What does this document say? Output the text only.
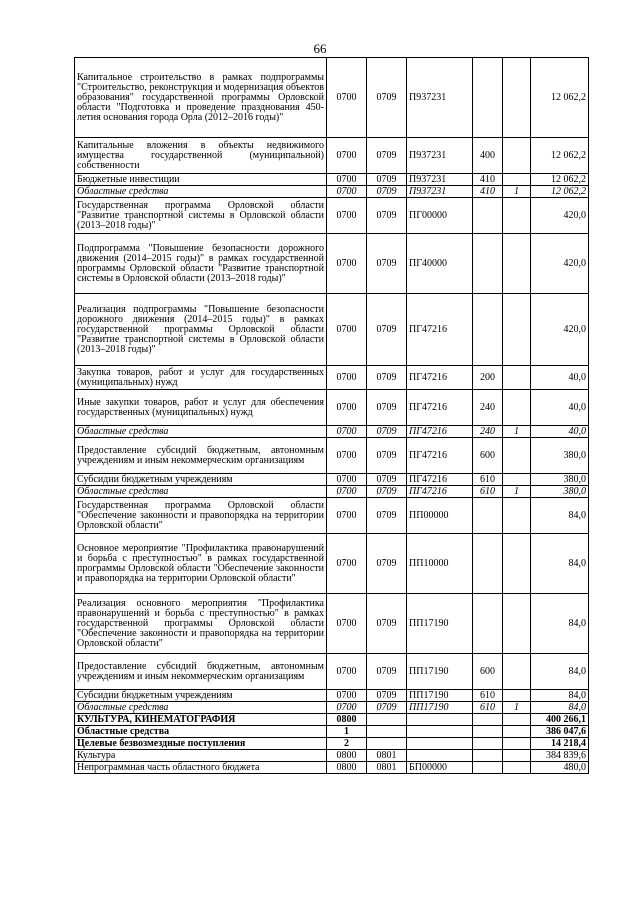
66
Капитальное строительство в рамках подпрограммы "Строительство, реконструкция и модернизация объектов образования" государственной программы Орловской области "Подготовка и проведение празднования 450-летия основания города Орла (2012–2016 годы)"	0700	0709	П937231			12 062,2
Капитальные вложения в объекты недвижимого имущества государственной (муниципальной) собственности	0700	0709	П937231	400		12 062,2
Бюджетные инвестиции	0700	0709	П937231	410		12 062,2
Областные средства	0700	0709	П937231	410	1	12 062,2
Государственная программа Орловской области "Развитие транспортной системы в Орловской области (2013–2018 годы)"	0700	0709	ПГ00000			420,0
Подпрограмма "Повышение безопасности дорожного движения (2014–2015 годы)" в рамках государственной программы Орловской области "Развитие транспортной системы в Орловской области (2013–2018 годы)"	0700	0709	ПГ40000			420,0
Реализация подпрограммы "Повышение безопасности дорожного движения (2014–2015 годы)" в рамках государственной программы Орловской области "Развитие транспортной системы в Орловской области (2013–2018 годы)"	0700	0709	ПГ47216			420,0
Закупка товаров, работ и услуг для государственных (муниципальных) нужд	0700	0709	ПГ47216	200		40,0
Иные закупки товаров, работ и услуг для обеспечения государственных (муниципальных) нужд	0700	0709	ПГ47216	240		40,0
Областные средства	0700	0709	ПГ47216	240	1	40,0
Предоставление субсидий бюджетным, автономным учреждениям и иным некоммерческим организациям	0700	0709	ПГ47216	600		380,0
Субсидии бюджетным учреждениям	0700	0709	ПГ47216	610		380,0
Областные средства	0700	0709	ПГ47216	610	1	380,0
Государственная программа Орловской области "Обеспечение законности и правопорядка на территории Орловской области"	0700	0709	ПП00000			84,0
Основное мероприятие "Профилактика правонарушений и борьба с преступностью" в рамках государственной программы Орловской области "Обеспечение законности и правопорядка на территории Орловской области"	0700	0709	ПП10000			84,0
Реализация основного мероприятия "Профилактика правонарушений и борьба с преступностью" в рамках государственной программы Орловской области "Обеспечение законности и правопорядка на территории Орловской области"	0700	0709	ПП17190			84,0
Предоставление субсидий бюджетным, автономным учреждениям и иным некоммерческим организациям	0700	0709	ПП17190	600		84,0
Субсидии бюджетным учреждениям	0700	0709	ПП17190	610		84,0
Областные средства	0700	0709	ПП17190	610	1	84,0
КУЛЬТУРА, КИНЕМАТОГРАФИЯ	0800					400 266,1
Областные средства	1					386 047,6
Целевые безвозмездные поступления	2					14 218,4
Культура	0800	0801				384 839,6
Непрограммная часть областного бюджета	0800	0801	БП00000			480,0
